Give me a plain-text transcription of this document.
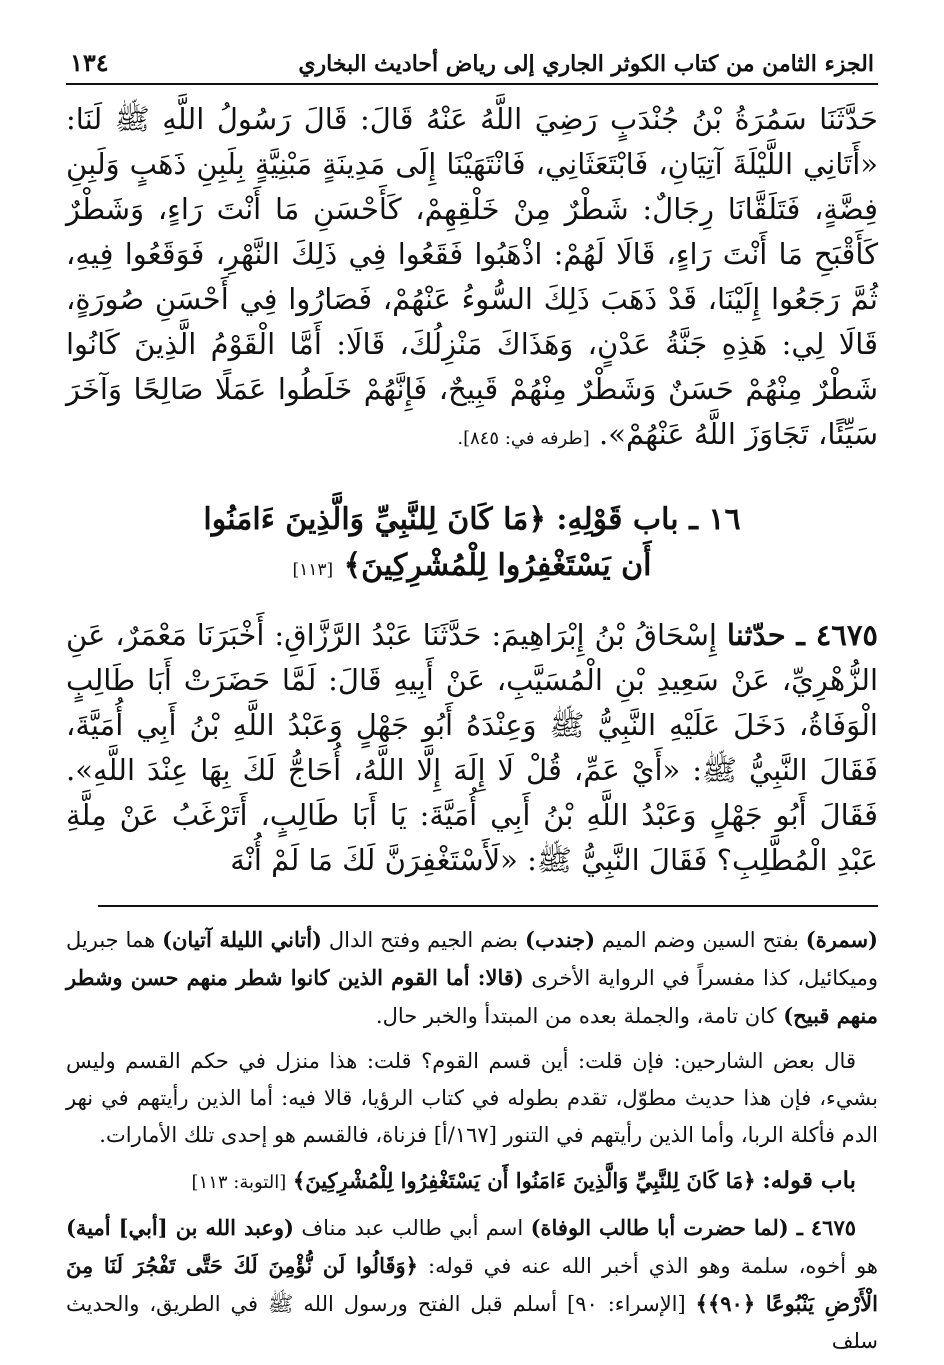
الجزء الثامن من كتاب الكوثر الجاري إلى رياض أحاديث البخاري
١٣٤

حَدَّثَنَا سَمُرَةُ بْنُ جُنْدَبٍ رَضِيَ اللَّهُ عَنْهُ قَالَ: قَالَ رَسُولُ اللَّهِ ﷺ لَنَا: «أَتَانِي اللَّيْلَةَ آتِيَانِ، فَابْتَعَثَانِي، فَانْتَهَيْنَا إِلَى مَدِينَةٍ مَبْنِيَّةٍ بِلَبِنِ ذَهَبٍ وَلَبِنِ فِضَّةٍ، فَتَلَقَّانَا رِجَالٌ: شَطْرٌ مِنْ خَلْقِهِمْ، كَأَحْسَنِ مَا أَنْتَ رَاءٍ، وَشَطْرٌ كَأَقْبَحِ مَا أَنْتَ رَاءٍ، قَالَا لَهُمْ: اذْهَبُوا فَقَعُوا فِي ذَلِكَ النَّهْرِ، فَوَقَعُوا فِيهِ، ثُمَّ رَجَعُوا إِلَيْنَا، قَدْ ذَهَبَ ذَلِكَ السُّوءُ عَنْهُمْ، فَصَارُوا فِي أَحْسَنِ صُورَةٍ، قَالَا لِي: هَذِهِ جَنَّةُ عَدْنٍ، وَهَذَاكَ مَنْزِلُكَ، قَالَا: أَمَّا الْقَوْمُ الَّذِينَ كَانُوا شَطْرٌ مِنْهُمْ حَسَنٌ وَشَطْرٌ مِنْهُمْ قَبِيحٌ، فَإِنَّهُمْ خَلَطُوا عَمَلًا صَالِحًا وَآخَرَ سَيِّئًا، تَجَاوَزَ اللَّهُ عَنْهُمْ». [طرفه في: ٨٤٥].

١٦ ـ باب قَوْلِهِ: ﴿مَا كَانَ لِلنَّبِيِّ وَالَّذِينَ ءَامَنُوا
أَن يَسْتَغْفِرُوا لِلْمُشْرِكِينَ﴾ [١١٣]

٤٦٧٥ ـ حدّثنا إِسْحَاقُ بْنُ إِبْرَاهِيمَ: حَدَّثَنَا عَبْدُ الرَّزَّاقِ: أَخْبَرَنَا مَعْمَرٌ، عَنِ الزُّهْرِيِّ، عَنْ سَعِيدِ بْنِ الْمُسَيَّبِ، عَنْ أَبِيهِ قَالَ: لَمَّا حَضَرَتْ أَبَا طَالِبٍ الْوَفَاةُ، دَخَلَ عَلَيْهِ النَّبِيُّ ﷺ وَعِنْدَهُ أَبُو جَهْلٍ وَعَبْدُ اللَّهِ بْنُ أَبِي أُمَيَّةَ، فَقَالَ النَّبِيُّ ﷺ: «أَيْ عَمِّ، قُلْ لَا إِلَهَ إِلَّا اللَّهُ، أُحَاجُّ لَكَ بِهَا عِنْدَ اللَّهِ». فَقَالَ أَبُو جَهْلٍ وَعَبْدُ اللَّهِ بْنُ أَبِي أُمَيَّةَ: يَا أَبَا طَالِبٍ، أَتَرْغَبُ عَنْ مِلَّةِ عَبْدِ الْمُطَّلِبِ؟ فَقَالَ النَّبِيُّ ﷺ: «لَأَسْتَغْفِرَنَّ لَكَ مَا لَمْ أُنْهَ

(سمرة) بفتح السين وضم الميم (جندب) بضم الجيم وفتح الدال (أتاني الليلة آتيان) هما جبريل وميكائيل، كذا مفسراً في الرواية الأخرى (قالا: أما القوم الذين كانوا شطر منهم حسن وشطر منهم قبيح) كان تامة، والجملة بعده من المبتدأ والخبر حال.

قال بعض الشارحين: فإن قلت: أين قسم القوم؟ قلت: هذا منزل في حكم القسم وليس بشيء، فإن هذا حديث مطوّل، تقدم بطوله في كتاب الرؤيا، قالا فيه: أما الذين رأيتهم في نهر الدم فأكلة الربا، وأما الذين رأيتهم في التنور [١٦٧/أ] فزناة، فالقسم هو إحدى تلك الأمارات.

باب قوله: ﴿مَا كَانَ لِلنَّبِيِّ وَالَّذِينَ ءَامَنُوا أَن يَسْتَغْفِرُوا لِلْمُشْرِكِينَ﴾ [التوبة: ١١٣]

٤٦٧٥ ـ (لما حضرت أبا طالب الوفاة) اسم أبي طالب عبد مناف (وعبد الله بن [أبي] أمية) هو أخوه، سلمة وهو الذي أخبر الله عنه في قوله: ﴿وَقَالُوا لَن نُّؤْمِنَ لَكَ حَتَّى تَفْجُرَ لَنَا مِنَ الْأَرْضِ يَنْبُوعًا ﴿٩٠﴾﴾ [الإسراء: ٩٠] أسلم قبل الفتح ورسول الله ﷺ في الطريق، والحديث سلف
